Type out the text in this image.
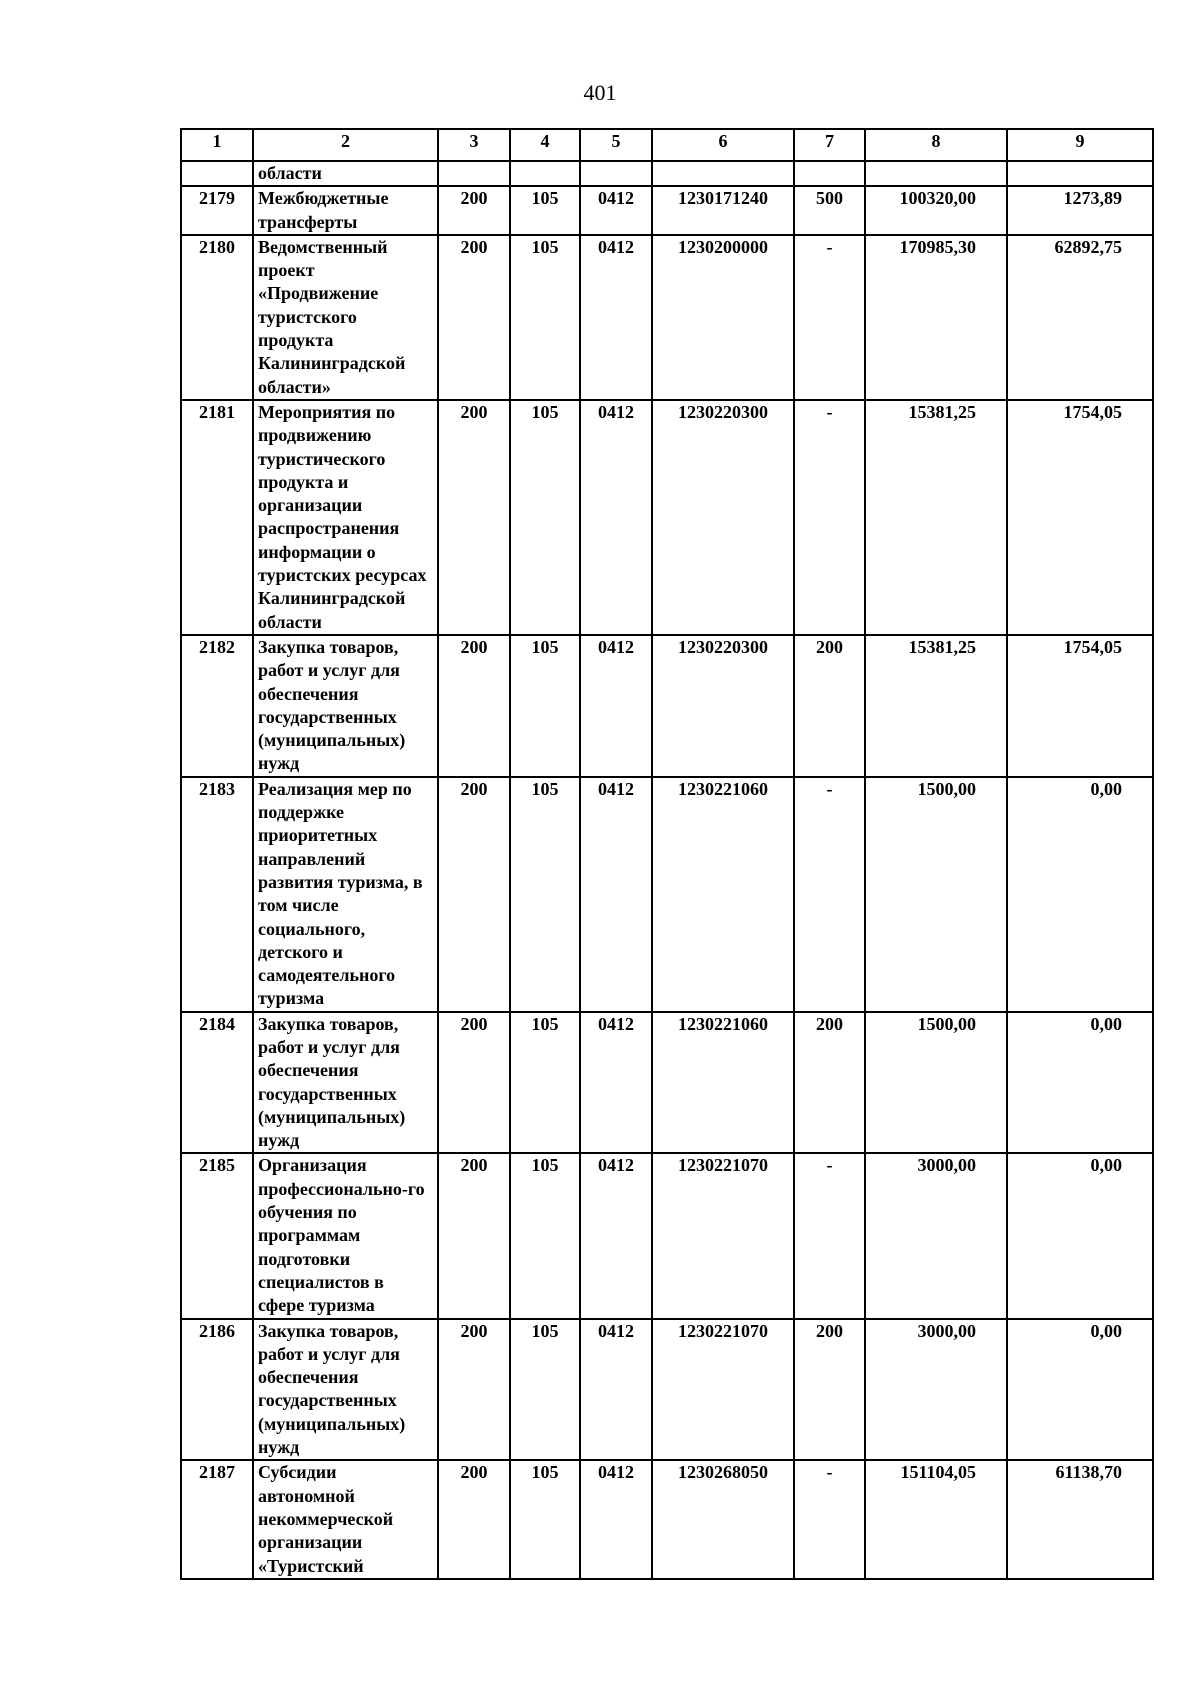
401
1	2	3	4	5	6	7	8	9
	области							
2179	Межбюджетные трансферты	200	105	0412	1230171240	500	100320,00	1273,89
2180	Ведомственный проект «Продвижение туристского продукта Калининградской области»	200	105	0412	1230200000	-	170985,30	62892,75
2181	Мероприятия по продвижению туристического продукта и организации распространения информации о туристских ресурсах Калининградской области	200	105	0412	1230220300	-	15381,25	1754,05
2182	Закупка товаров, работ и услуг для обеспечения государственных (муниципальных) нужд	200	105	0412	1230220300	200	15381,25	1754,05
2183	Реализация мер по поддержке приоритетных направлений развития туризма, в том числе социального, детского и самодеятельного туризма	200	105	0412	1230221060	-	1500,00	0,00
2184	Закупка товаров, работ и услуг для обеспечения государственных (муниципальных) нужд	200	105	0412	1230221060	200	1500,00	0,00
2185	Организация профессионально-го обучения по программам подготовки специалистов в сфере туризма	200	105	0412	1230221070	-	3000,00	0,00
2186	Закупка товаров, работ и услуг для обеспечения государственных (муниципальных) нужд	200	105	0412	1230221070	200	3000,00	0,00
2187	Субсидии автономной некоммерческой организации «Туристский	200	105	0412	1230268050	-	151104,05	61138,70
